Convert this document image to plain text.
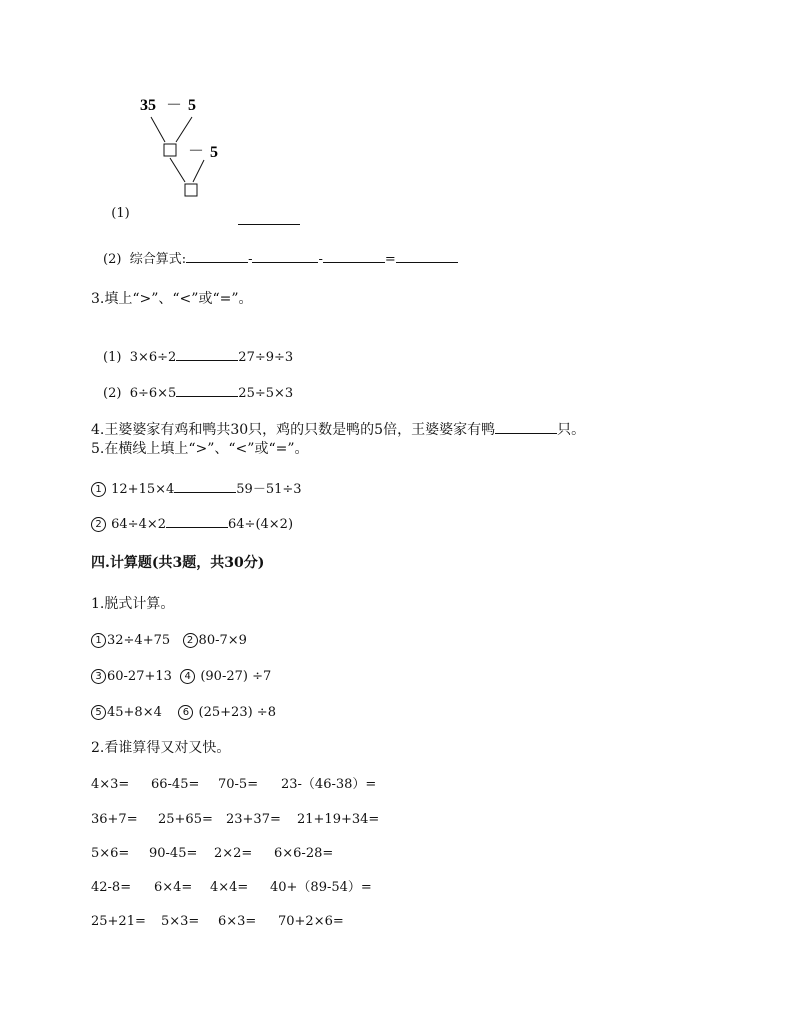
35 － 5
－ 5

(1)

(2) 综合算式:	-	-	=
3.填上“>”、“<”或“=”。
(1) 3×6÷2	27÷9÷3
(2) 6÷6×5	25÷5×3
4.王婆婆家有鸡和鸭共30只，鸡的只数是鸭的5倍，王婆婆家有鸭	只。
5.在横线上填上“>”、“<”或“=”。
1 12+15×4	59－51÷3
2 64÷4×2	64÷(4×2)
四.计算题(共3题，共30分)
1.脱式计算。
1 32÷4+75 2 80-7×9
3 60-27+13 4 (90-27) ÷7
5 45+8×4 6 (25+23) ÷8
2.看谁算得又对又快。
4×3= 66-45= 70-5= 23-（46-38）=
36+7= 25+65= 23+37= 21+19+34=
5×6= 90-45= 2×2= 6×6-28=
42-8= 6×4= 4×4= 40+（89-54）=
25+21= 5×3= 6×3= 70+2×6=
